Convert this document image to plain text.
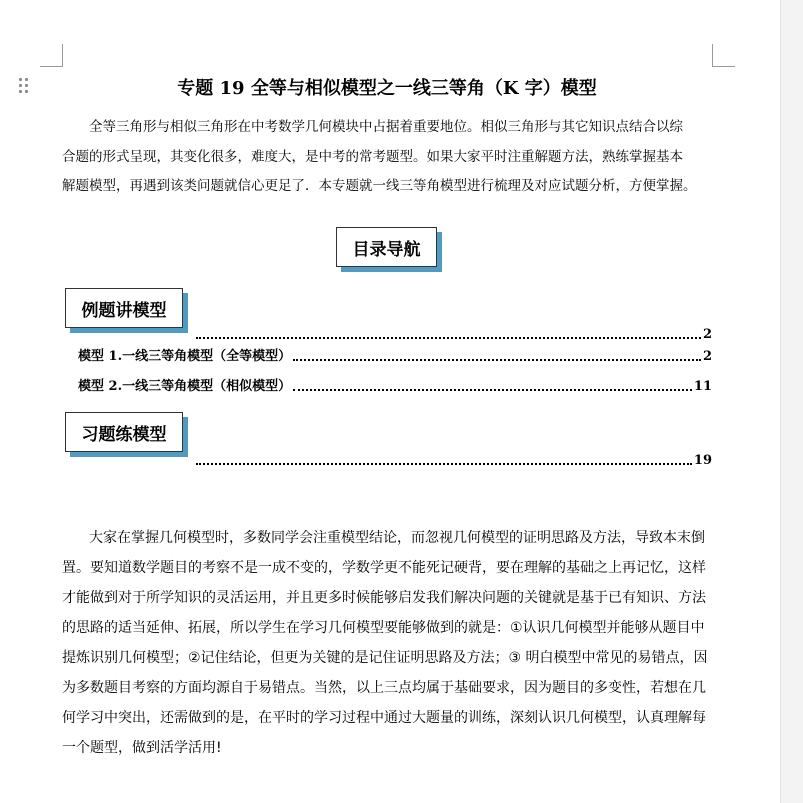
专题 19 全等与相似模型之一线三等角（K 字）模型

全等三角形与相似三角形在中考数学几何模块中占据着重要地位。相似三角形与其它知识点结合以综

合题的形式呈现，其变化很多，难度大，是中考的常考题型。如果大家平时注重解题方法，熟练掌握基本

解题模型，再遇到该类问题就信心更足了．本专题就一线三等角模型进行梳理及对应试题分析，方便掌握。

目录导航
例题讲模型
2
模型 1.一线三等角模型（全等模型）	2
模型 2.一线三等角模型（相似模型）	11
习题练模型
19

大家在掌握几何模型时，多数同学会注重模型结论，而忽视几何模型的证明思路及方法，导致本末倒

置。要知道数学题目的考察不是一成不变的，学数学更不能死记硬背，要在理解的基础之上再记忆，这样

才能做到对于所学知识的灵活运用，并且更多时候能够启发我们解决问题的关键就是基于已有知识、方法

的思路的适当延伸、拓展，所以学生在学习几何模型要能够做到的就是：①认识几何模型并能够从题目中

提炼识别几何模型；②记住结论，但更为关键的是记住证明思路及方法；③ 明白模型中常见的易错点，因

为多数题目考察的方面均源自于易错点。当然，以上三点均属于基础要求，因为题目的多变性，若想在几

何学习中突出，还需做到的是，在平时的学习过程中通过大题量的训练，深刻认识几何模型，认真理解每

一个题型，做到活学活用!
